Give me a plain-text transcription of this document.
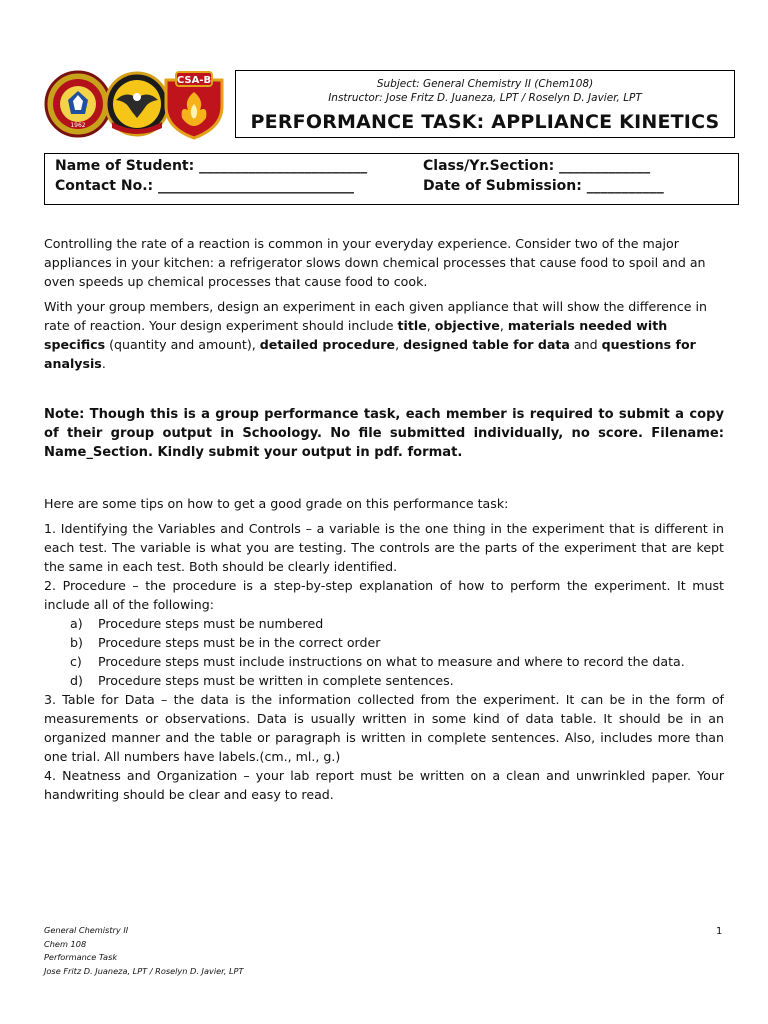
1962
CSA-B	Subject: General Chemistry II (Chem108)
Instructor: Jose Fritz D. Juaneza, LPT / Roselyn D. Javier, LPT
PERFORMANCE TASK: APPLIANCE KINETICS
Name of Student: ________________________	Class/Yr.Section: _____________
Contact No.: ____________________________	Date of Submission: ___________

Controlling the rate of a reaction is common in your everyday experience. Consider two of the major appliances in your kitchen: a refrigerator slows down chemical processes that cause food to spoil and an oven speeds up chemical processes that cause food to cook.

With your group members, design an experiment in each given appliance that will show the difference in rate of reaction. Your design experiment should include title, objective, materials needed with specifics (quantity and amount), detailed procedure, designed table for data and questions for analysis.

Note: Though this is a group performance task, each member is required to submit a copy of their group output in Schoology. No file submitted individually, no score. Filename: Name_Section. Kindly submit your output in pdf. format.

Here are some tips on how to get a good grade on this performance task:

1. Identifying the Variables and Controls – a variable is the one thing in the experiment that is different in each test. The variable is what you are testing. The controls are the parts of the experiment that are kept the same in each test. Both should be clearly identified.

2. Procedure – the procedure is a step-by-step explanation of how to perform the experiment. It must include all of the following:

a) Procedure steps must be numbered
b) Procedure steps must be in the correct order
c) Procedure steps must include instructions on what to measure and where to record the data.
d) Procedure steps must be written in complete sentences.

3. Table for Data – the data is the information collected from the experiment. It can be in the form of measurements or observations. Data is usually written in some kind of data table. It should be in an organized manner and the table or paragraph is written in complete sentences. Also, includes more than one trial. All numbers have labels.(cm., ml., g.)

4. Neatness and Organization – your lab report must be written on a clean and unwrinkled paper. Your handwriting should be clear and easy to read.

General Chemistry II
Chem 108
Performance Task
Jose Fritz D. Juaneza, LPT / Roselyn D. Javier, LPT
1
